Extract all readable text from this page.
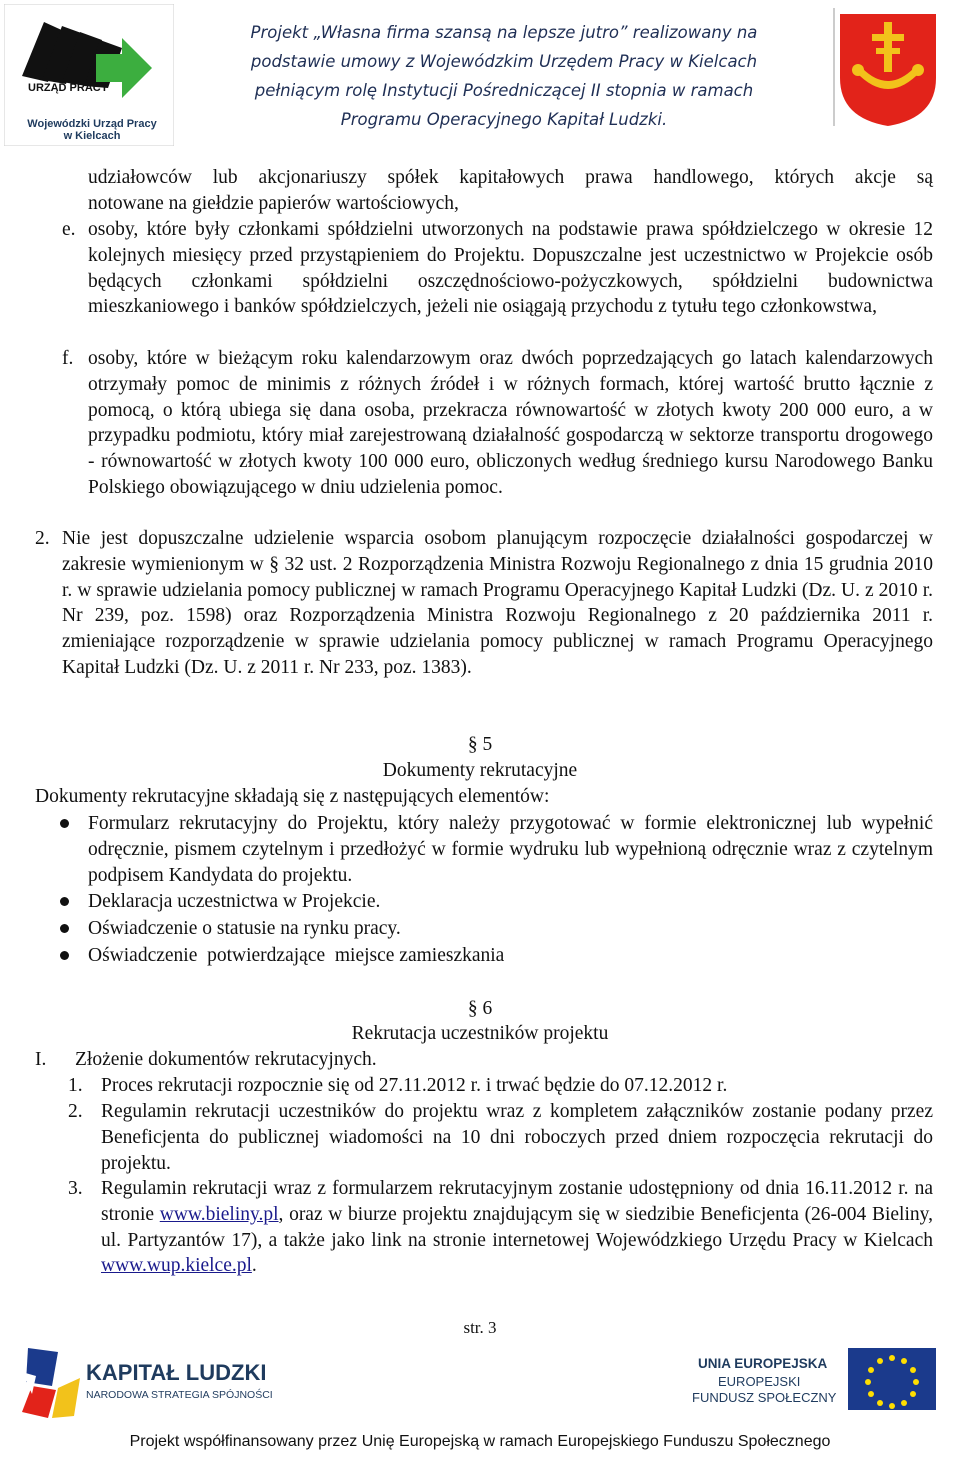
URZĄD PRACY
Wojewódzki Urząd Pracy
w Kielcach
Projekt „Własna firma szansą na lepsze jutro” realizowany na
podstawie umowy z Wojewódzkim Urzędem Pracy w Kielcach
pełniącym rolę Instytucji Pośredniczącej II stopnia w ramach
Programu Operacyjnego Kapitał Ludzki.
udziałowców lub akcjonariuszy spółek kapitałowych prawa handlowego, których akcje są
notowane na giełdzie papierów wartościowych,
e. osoby, które były członkami spółdzielni utworzonych na podstawie prawa spółdzielczego w okresie 12 kolejnych miesięcy przed przystąpieniem do Projektu. Dopuszczalne jest uczestnictwo w Projekcie osób będących członkami spółdzielni oszczędnościowo-pożyczkowych, spółdzielni budownictwa mieszkaniowego i banków spółdzielczych, jeżeli nie osiągają przychodu z tytułu tego członkowstwa,
f. osoby, które w bieżącym roku kalendarzowym oraz dwóch poprzedzających go latach kalendarzowych otrzymały pomoc de minimis z różnych źródeł i w różnych formach, której wartość brutto łącznie z pomocą, o którą ubiega się dana osoba, przekracza równowartość w złotych kwoty 200 000 euro, a w przypadku podmiotu, który miał zarejestrowaną działalność gospodarczą w sektorze transportu drogowego - równowartość w złotych kwoty 100 000 euro, obliczonych według średniego kursu Narodowego Banku Polskiego obowiązującego w dniu udzielenia pomoc.
2. Nie jest dopuszczalne udzielenie wsparcia osobom planującym rozpoczęcie działalności gospodarczej w zakresie wymienionym w § 32 ust. 2 Rozporządzenia Ministra Rozwoju Regionalnego z dnia 15 grudnia 2010 r. w sprawie udzielania pomocy publicznej w ramach Programu Operacyjnego Kapitał Ludzki (Dz. U. z 2010 r. Nr 239, poz. 1598) oraz Rozporządzenia Ministra Rozwoju Regionalnego z 20 października 2011 r. zmieniające rozporządzenie w sprawie udzielania pomocy publicznej w ramach Programu Operacyjnego Kapitał Ludzki (Dz. U. z 2011 r. Nr 233, poz. 1383).
§ 5
Dokumenty rekrutacyjne
Dokumenty rekrutacyjne składają się z następujących elementów:
Formularz rekrutacyjny do Projektu, który należy przygotować w formie elektronicznej lub wypełnić odręcznie, pismem czytelnym i przedłożyć w formie wydruku lub wypełnioną odręcznie wraz z czytelnym podpisem Kandydata do projektu.
Deklaracja uczestnictwa w Projekcie.
Oświadczenie o statusie na rynku pracy.
Oświadczenie  potwierdzające  miejsce zamieszkania
§ 6
Rekrutacja uczestników projektu
I. Złożenie dokumentów rekrutacyjnych.
1. Proces rekrutacji rozpocznie się od 27.11.2012 r. i trwać będzie do 07.12.2012 r.
2. Regulamin rekrutacji uczestników do projektu wraz z kompletem załączników zostanie podany przez Beneficjenta do publicznej wiadomości na 10 dni roboczych przed dniem rozpoczęcia rekrutacji do projektu.
3. Regulamin rekrutacji wraz z formularzem rekrutacyjnym zostanie udostępniony od dnia 16.11.2012 r. na stronie www.bieliny.pl, oraz w biurze projektu znajdującym się w siedzibie Beneficjenta (26-004 Bieliny, ul. Partyzantów 17), a także jako link na stronie internetowej Wojewódzkiego Urzędu Pracy w Kielcach www.wup.kielce.pl.
str. 3
KAPITAŁ LUDZKI
NARODOWA STRATEGIA SPÓJNOŚCI
UNIA EUROPEJSKA
EUROPEJSKI
FUNDUSZ SPOŁECZNY
Projekt współfinansowany przez Unię Europejską w ramach Europejskiego Funduszu Społecznego
